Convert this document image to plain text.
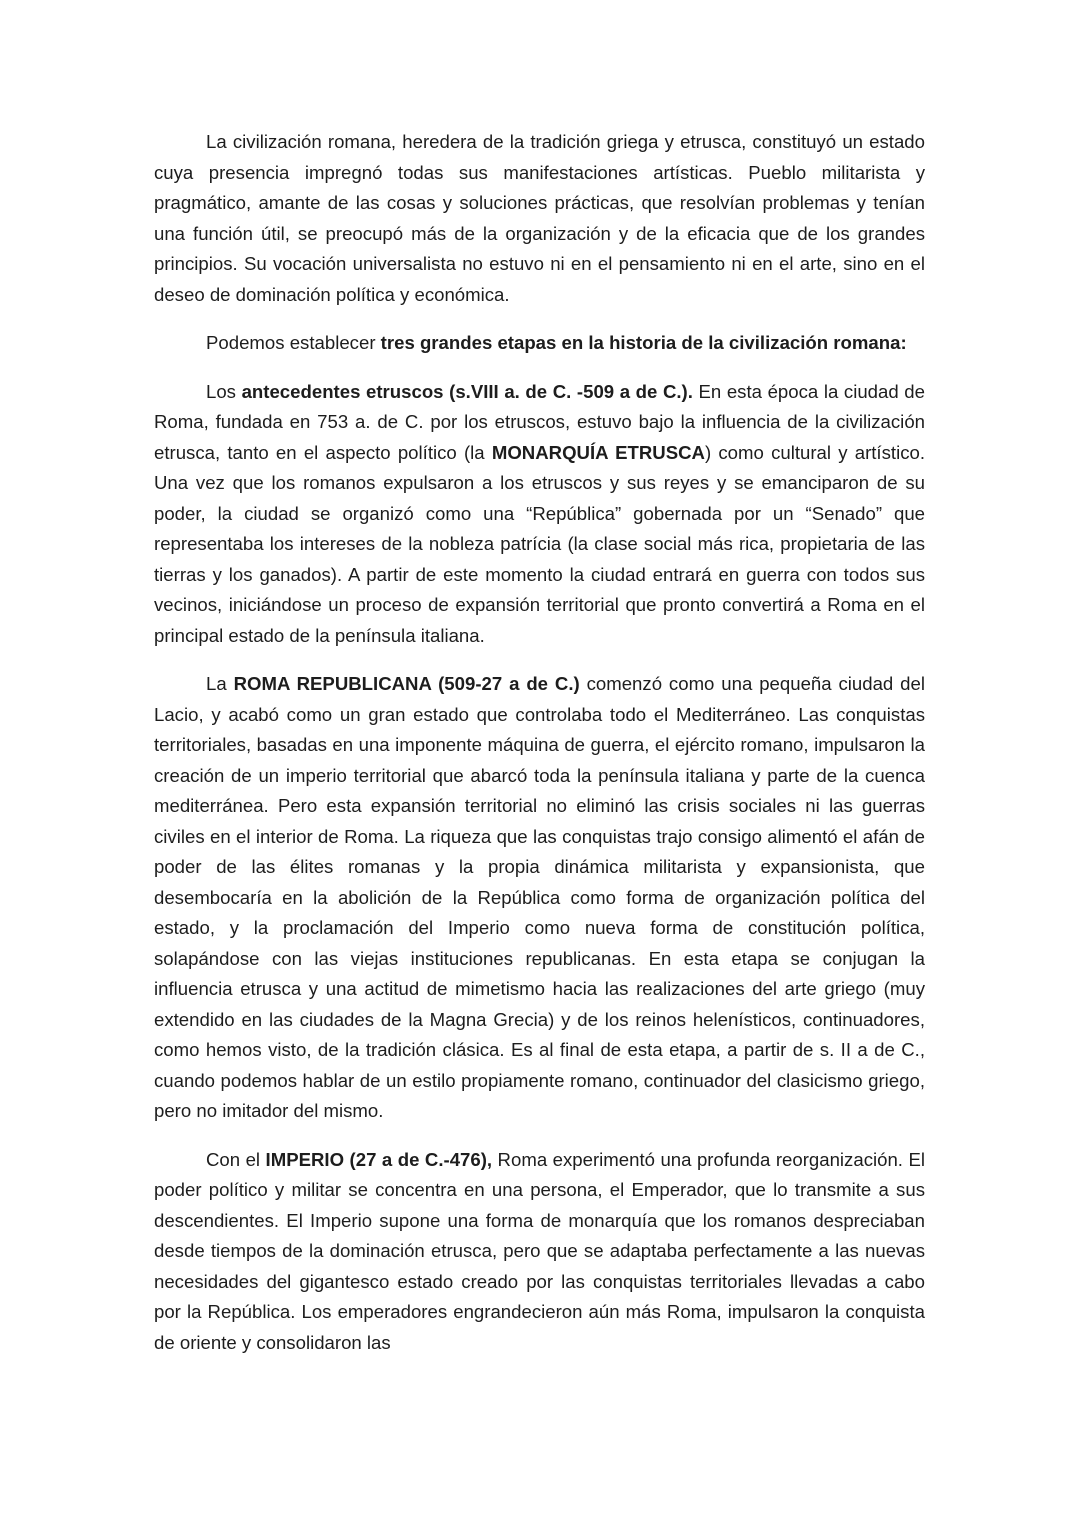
La civilización romana, heredera de la tradición griega y etrusca, constituyó un estado cuya presencia impregnó todas sus manifestaciones artísticas. Pueblo militarista y pragmático, amante de las cosas y soluciones prácticas, que resolvían problemas y tenían una función útil, se preocupó más de la organización y de la eficacia que de los grandes principios. Su vocación universalista no estuvo ni en el pensamiento ni en el arte, sino en el deseo de dominación política y económica.

Podemos establecer tres grandes etapas en la historia de la civilización romana:

Los antecedentes etruscos (s.VIII a. de C. -509 a de C.). En esta época la ciudad de Roma, fundada en 753 a. de C. por los etruscos, estuvo bajo la influencia de la civilización etrusca, tanto en el aspecto político (la MONARQUÍA ETRUSCA) como cultural y artístico. Una vez que los romanos expulsaron a los etruscos y sus reyes y se emanciparon de su poder, la ciudad se organizó como una “República” gobernada por un “Senado” que representaba los intereses de la nobleza patrícia (la clase social más rica, propietaria de las tierras y los ganados). A partir de este momento la ciudad entrará en guerra con todos sus vecinos, iniciándose un proceso de expansión territorial que pronto convertirá a Roma en el principal estado de la península italiana.

La ROMA REPUBLICANA (509-27 a de C.) comenzó como una pequeña ciudad del Lacio, y acabó como un gran estado que controlaba todo el Mediterráneo. Las conquistas territoriales, basadas en una imponente máquina de guerra, el ejército romano, impulsaron la creación de un imperio territorial que abarcó toda la península italiana y parte de la cuenca mediterránea. Pero esta expansión territorial no eliminó las crisis sociales ni las guerras civiles en el interior de Roma. La riqueza que las conquistas trajo consigo alimentó el afán de poder de las élites romanas y la propia dinámica militarista y expansionista, que desembocaría en la abolición de la República como forma de organización política del estado, y la proclamación del Imperio como nueva forma de constitución política, solapándose con las viejas instituciones republicanas. En esta etapa se conjugan la influencia etrusca y una actitud de mimetismo hacia las realizaciones del arte griego (muy extendido en las ciudades de la Magna Grecia) y de los reinos helenísticos, continuadores, como hemos visto, de la tradición clásica. Es al final de esta etapa, a partir de s. II a de C., cuando podemos hablar de un estilo propiamente romano, continuador del clasicismo griego, pero no imitador del mismo.

Con el IMPERIO (27 a de C.-476), Roma experimentó una profunda reorganización. El poder político y militar se concentra en una persona, el Emperador, que lo transmite a sus descendientes. El Imperio supone una forma de monarquía que los romanos despreciaban desde tiempos de la dominación etrusca, pero que se adaptaba perfectamente a las nuevas necesidades del gigantesco estado creado por las conquistas territoriales llevadas a cabo por la República. Los emperadores engrandecieron aún más Roma, impulsaron la conquista de oriente y consolidaron las
